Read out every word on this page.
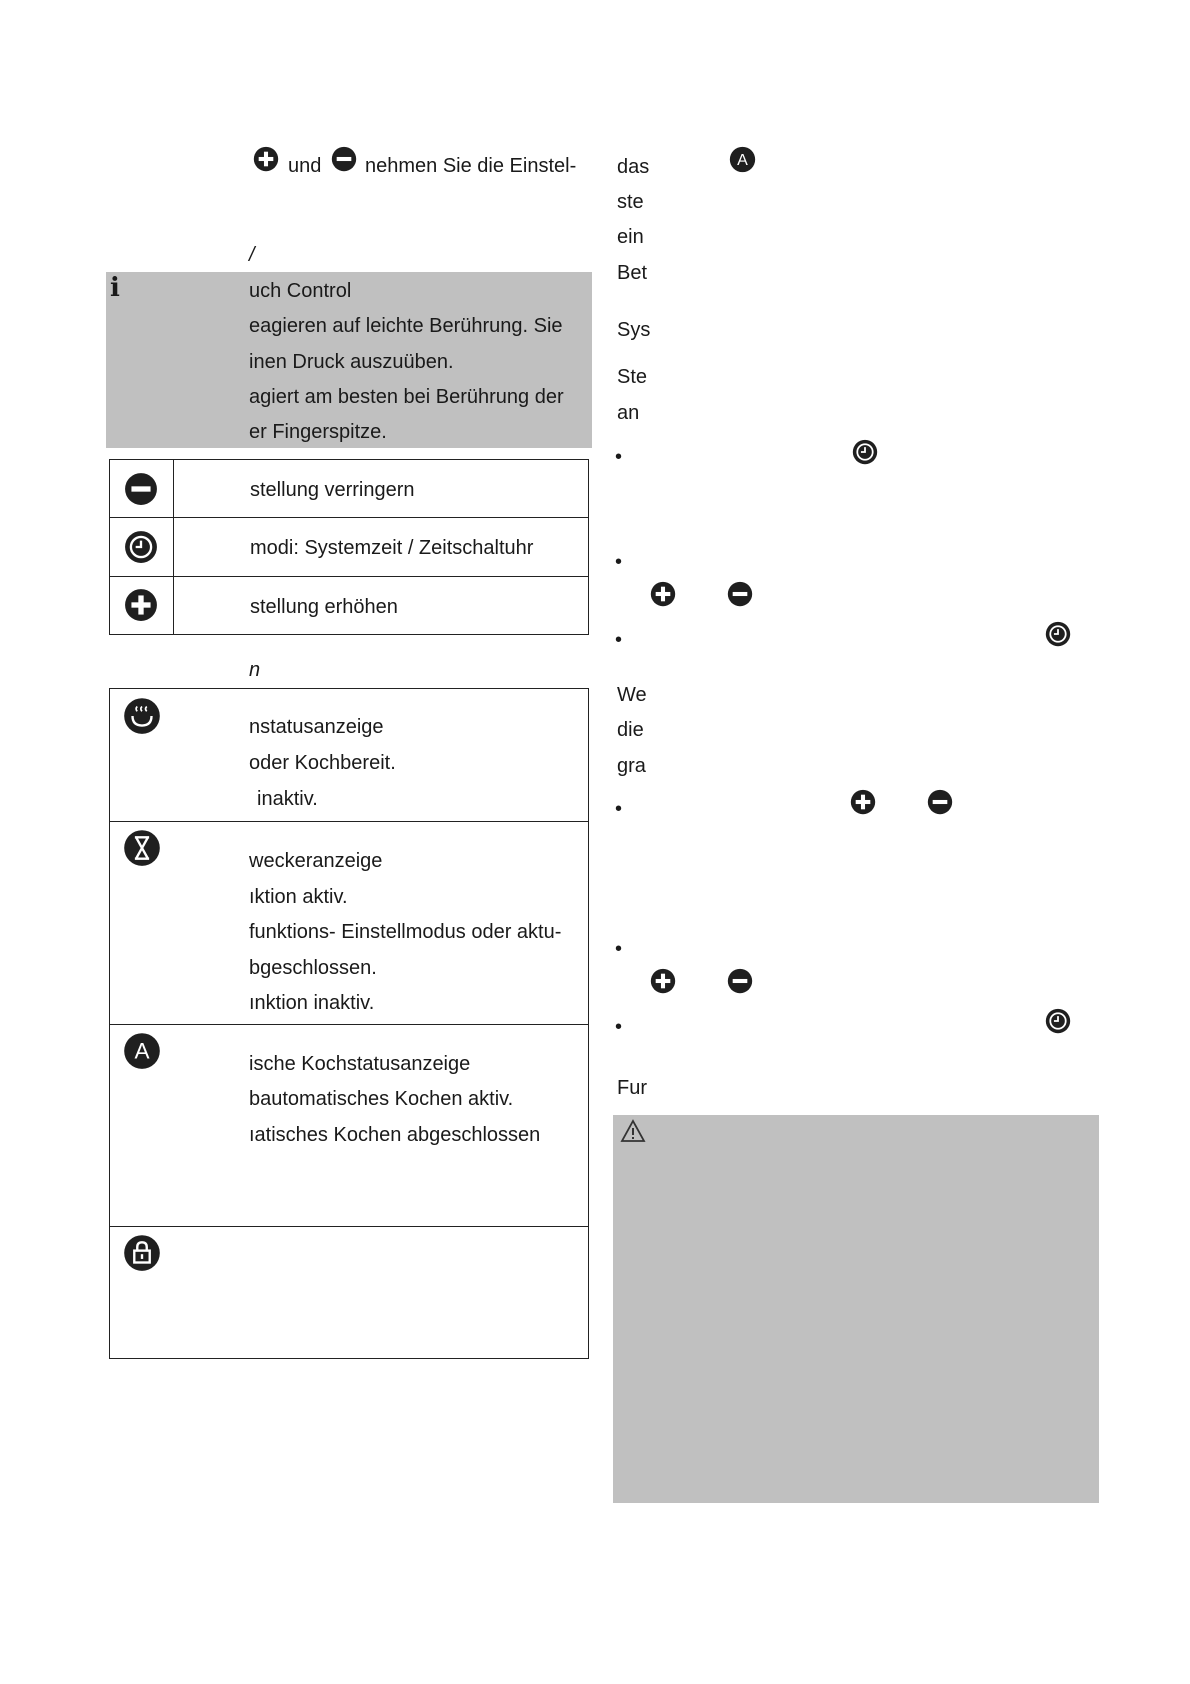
und nehmen Sie die Einstel-
/
i	uch Control
eagieren auf leichte Berührung. Sie
inen Druck auszuüben.
agiert am besten bei Berührung der
er Fingerspitze.
stellung verringern
modi: Systemzeit / Zeitschaltuhr
stellung erhöhen
n
nstatusanzeige
oder Kochbereit.
inaktiv.
weckeranzeige
ıktion aktiv.
funktions- Einstellmodus oder aktu-
bgeschlossen.
ınktion inaktiv.
ische Kochstatusanzeige
bautomatisches Kochen aktiv.
ıatisches Kochen abgeschlossen
das
ste
ein
Bet
Sys
Ste
an
•
•
•
We
die
gra
•
•
•
Fur
